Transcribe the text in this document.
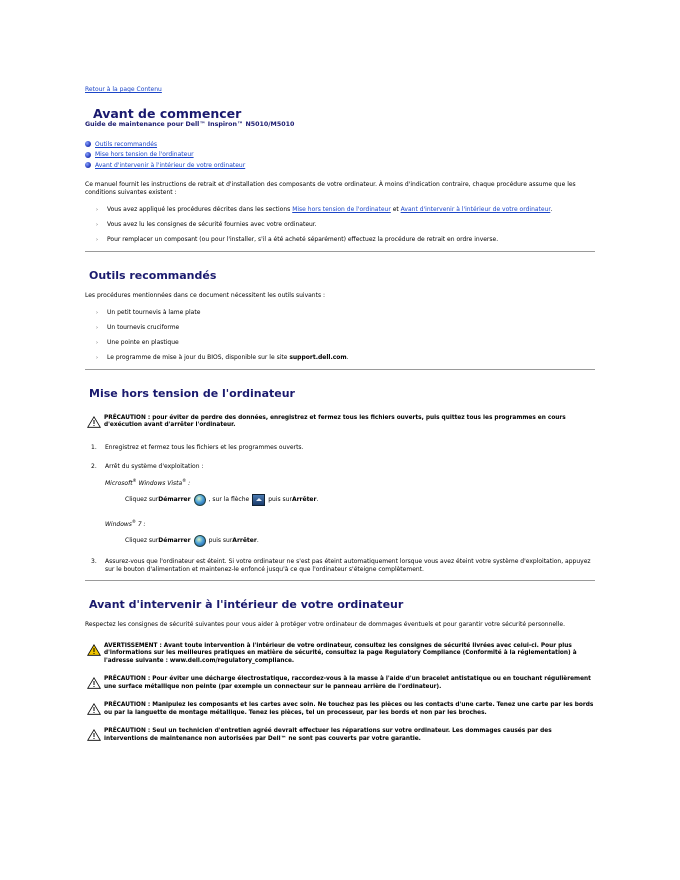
Retour à la page Contenu
Avant de commencer
Guide de maintenance pour Dell™ Inspiron™ N5010/M5010
Outils recommandés
Mise hors tension de l'ordinateur
Avant d'intervenir à l'intérieur de votre ordinateur

Ce manuel fournit les instructions de retrait et d'installation des composants de votre ordinateur. À moins d'indication contraire, chaque procédure assume que les conditions suivantes existent :

›	Vous avez appliqué les procédures décrites dans les sections Mise hors tension de l'ordinateur et Avant d'intervenir à l'intérieur de votre ordinateur.
›	Vous avez lu les consignes de sécurité fournies avec votre ordinateur.
›	Pour remplacer un composant (ou pour l'installer, s'il a été acheté séparément) effectuez la procédure de retrait en ordre inverse.
Outils recommandés

Les procédures mentionnées dans ce document nécessitent les outils suivants :

›	Un petit tournevis à lame plate
›	Un tournevis cruciforme
›	Une pointe en plastique
›	Le programme de mise à jour du BIOS, disponible sur le site support.dell.com.
Mise hors tension de l'ordinateur
PRÉCAUTION : pour éviter de perdre des données, enregistrez et fermez tous les fichiers ouverts, puis quittez tous les programmes en cours d'exécution avant d'arrêter l'ordinateur.
1.	Enregistrez et fermez tous les fichiers et les programmes ouverts.
2.	Arrêt du système d'exploitation :
Microsoft® Windows Vista® :
Cliquez sur Démarrer	, sur la flèche	puis sur Arrêter .
Windows® 7 :
Cliquez sur Démarrer	puis sur Arrêter .
3.	Assurez-vous que l'ordinateur est éteint. Si votre ordinateur ne s'est pas éteint automatiquement lorsque vous avez éteint votre système d'exploitation, appuyez sur le bouton d'alimentation et maintenez-le enfoncé jusqu'à ce que l'ordinateur s'éteigne complètement.
Avant d'intervenir à l'intérieur de votre ordinateur

Respectez les consignes de sécurité suivantes pour vous aider à protéger votre ordinateur de dommages éventuels et pour garantir votre sécurité personnelle.

AVERTISSEMENT : Avant toute intervention à l'intérieur de votre ordinateur, consultez les consignes de sécurité livrées avec celui-ci. Pour plus d'informations sur les meilleures pratiques en matière de sécurité, consultez la page Regulatory Compliance (Conformité à la réglementation) à l'adresse suivante : www.dell.com/regulatory_compliance.
PRÉCAUTION : Pour éviter une décharge électrostatique, raccordez-vous à la masse à l'aide d'un bracelet antistatique ou en touchant régulièrement une surface métallique non peinte (par exemple un connecteur sur le panneau arrière de l'ordinateur).
PRÉCAUTION : Manipulez les composants et les cartes avec soin. Ne touchez pas les pièces ou les contacts d'une carte. Tenez une carte par les bords ou par la languette de montage métallique. Tenez les pièces, tel un processeur, par les bords et non par les broches.
PRÉCAUTION : Seul un technicien d'entretien agréé devrait effectuer les réparations sur votre ordinateur. Les dommages causés par des interventions de maintenance non autorisées par Dell™ ne sont pas couverts par votre garantie.
